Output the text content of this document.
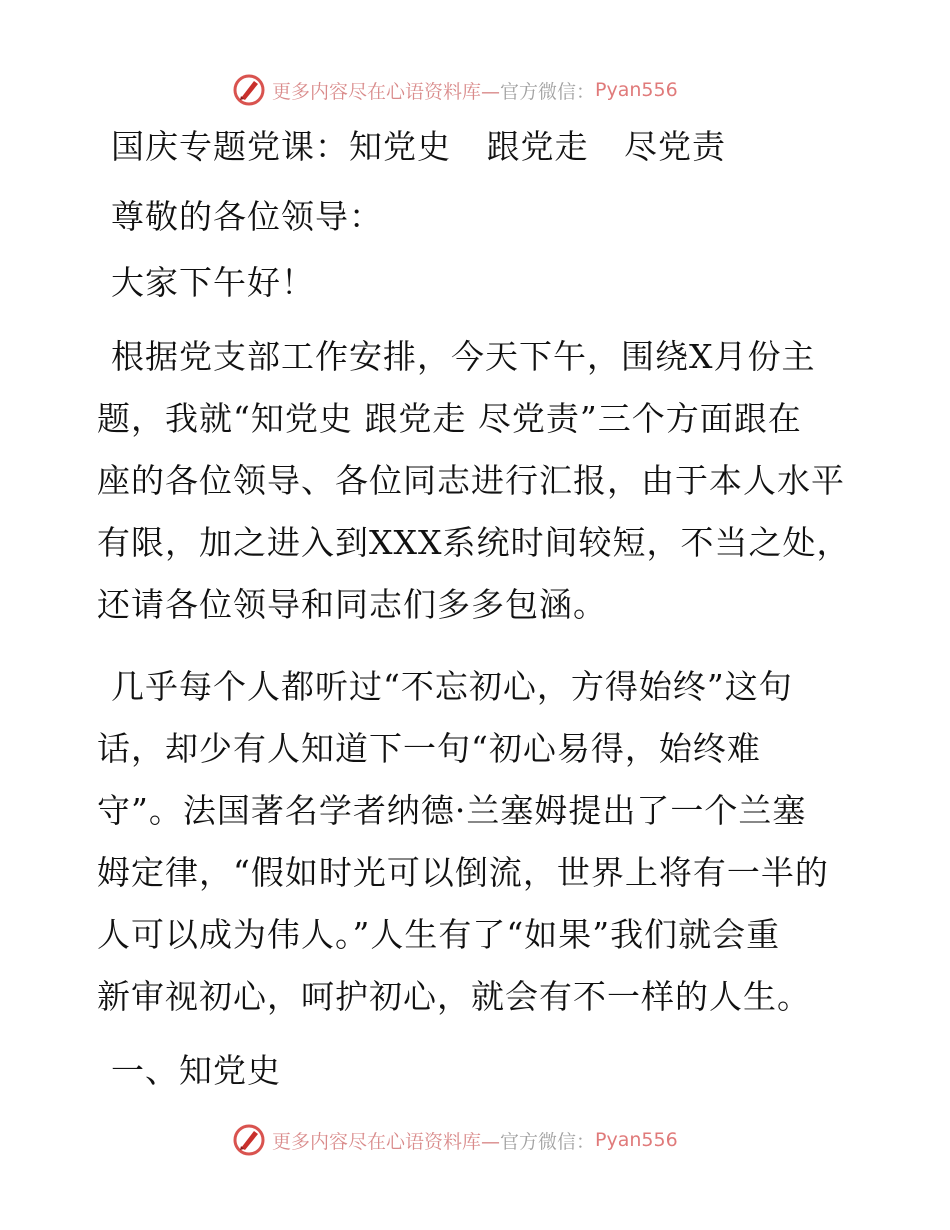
更多内容尽在心语资料库— 官方微信： Pyan556

国庆专题党课：知党史 跟党走 尽党责

尊敬的各位领导：

大家下午好！

根据党支部工作安排，今天下午，围绕X月份主

题，我就“知党史 跟党走 尽党责”三个方面跟在

座的各位领导、各位同志进行汇报，由于本人水平

有限，加之进入到XXX系统时间较短，不当之处，

还请各位领导和同志们多多包涵。

几乎每个人都听过“不忘初心，方得始终”这句

话，却少有人知道下一句“初心易得，始终难

守”。法国著名学者纳德·兰塞姆提出了一个兰塞

姆定律，“假如时光可以倒流，世界上将有一半的

人可以成为伟人。”人生有了“如果”我们就会重

新审视初心，呵护初心，就会有不一样的人生。

一、知党史

更多内容尽在心语资料库— 官方微信： Pyan556
